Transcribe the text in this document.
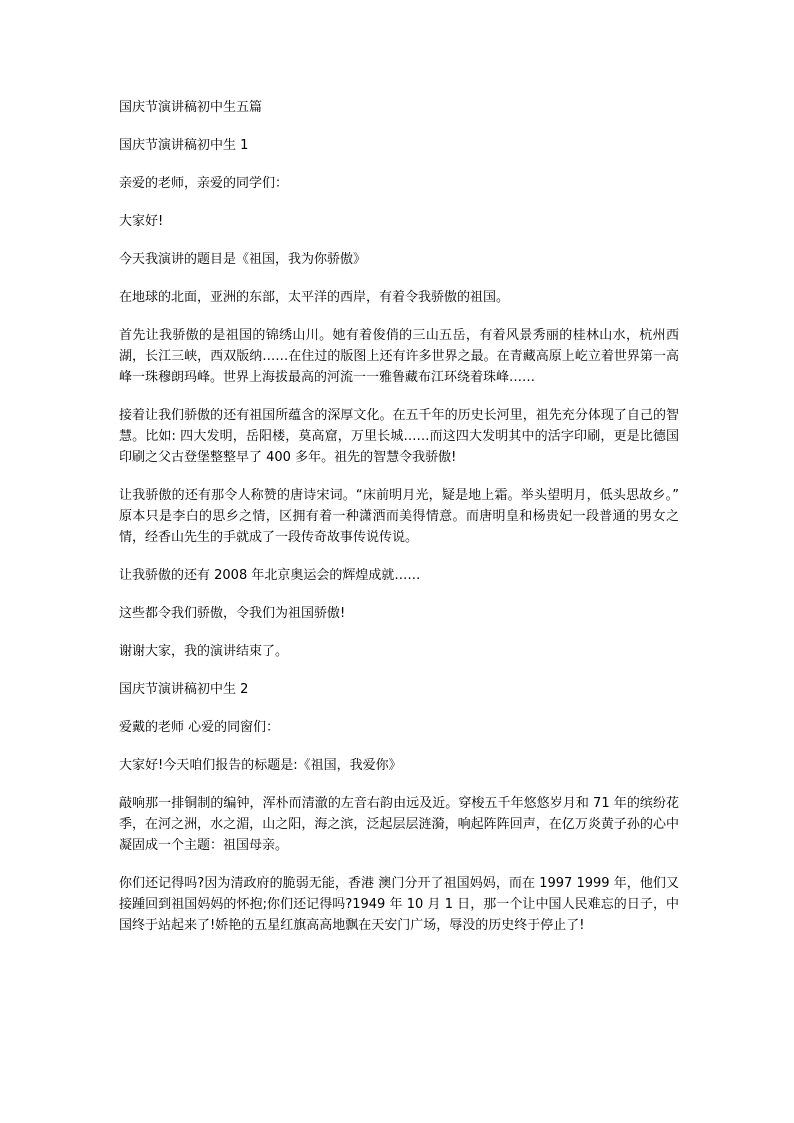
国庆节演讲稿初中生五篇
国庆节演讲稿初中生 1
亲爱的老师，亲爱的同学们：
大家好!
今天我演讲的题目是《祖国，我为你骄傲》
在地球的北面，亚洲的东部，太平洋的西岸，有着令我骄傲的祖国。
首先让我骄傲的是祖国的锦绣山川。她有着俊俏的三山五岳，有着风景秀丽的桂林山水，杭州西湖，长江三峡，西双版纳……在住过的版图上还有许多世界之最。在青藏高原上屹立着世界第一高峰一珠穆朗玛峰。世界上海拔最高的河流一一雅鲁藏布江环绕着珠峰……
接着让我们骄傲的还有祖国所蕴含的深厚文化。在五千年的历史长河里，祖先充分体现了自己的智慧。比如: 四大发明，岳阳楼，莫高窟，万里长城……而这四大发明其中的活字印刷，更是比德国印刷之父古登堡整整早了 400 多年。祖先的智慧令我骄傲!
让我骄傲的还有那令人称赞的唐诗宋词。“床前明月光，疑是地上霜。举头望明月，低头思故乡。” 原本只是李白的思乡之情，区拥有着一种潇洒而美得情意。而唐明皇和杨贵妃一段普通的男女之情，经香山先生的手就成了一段传奇故事传说传说。
让我骄傲的还有 2008 年北京奥运会的辉煌成就……
这些都令我们骄傲，令我们为祖国骄傲!
谢谢大家，我的演讲结束了。
国庆节演讲稿初中生 2
爱戴的老师 心爱的同窗们：
大家好!今天咱们报告的标题是:《祖国，我爱你》
敲响那一排铜制的编钟，浑朴而清澈的左音右韵由远及近。穿梭五千年悠悠岁月和 71 年的缤纷花季，在河之洲，水之湄，山之阳，海之滨，泛起层层涟漪，响起阵阵回声，在亿万炎黄子孙的心中凝固成一个主题：祖国母亲。
你们还记得吗?因为清政府的脆弱无能，香港 澳门分开了祖国妈妈，而在 1997 1999 年，他们又接踵回到祖国妈妈的怀抱;你们还记得吗?1949 年 10 月 1 日，那一个让中国人民难忘的日子，中国终于站起来了!娇艳的五星红旗高高地飘在天安门广场，辱没的历史终于停止了!
